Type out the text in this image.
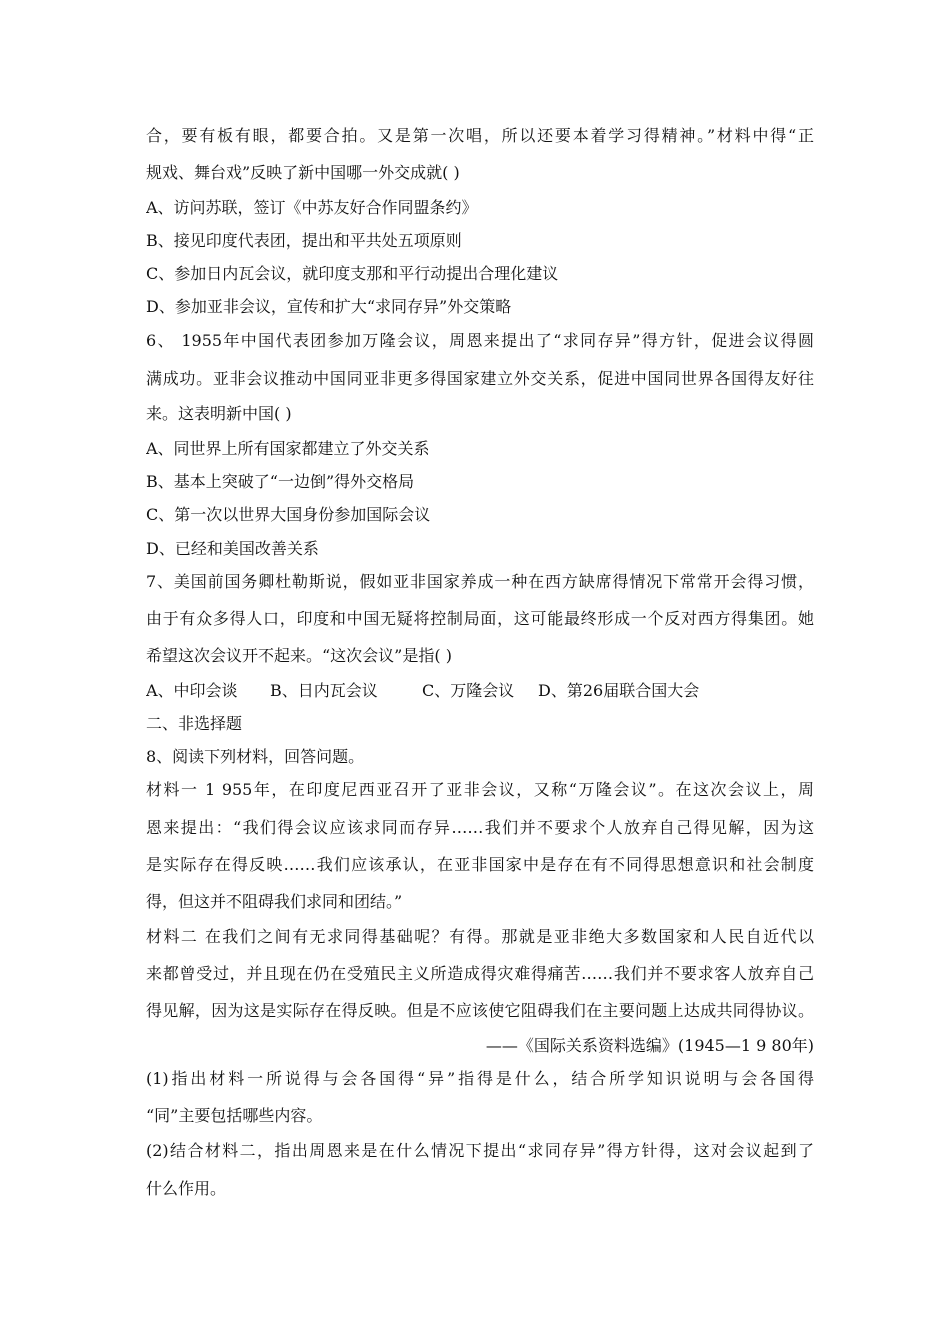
合，要有板有眼，都要合拍。又是第一次唱，所以还要本着学习得精神。”材料中得“正
规戏、舞台戏”反映了新中国哪一外交成就( )
A、访问苏联，签订《中苏友好合作同盟条约》
B、接见印度代表团，提出和平共处五项原则
C、参加日内瓦会议，就印度支那和平行动提出合理化建议
D、参加亚非会议，宣传和扩大“求同存异”外交策略
6、 1955年中国代表团参加万隆会议，周恩来提出了“求同存异”得方针，促进会议得圆
满成功。亚非会议推动中国同亚非更多得国家建立外交关系，促进中国同世界各国得友好往
来。这表明新中国( )
A、同世界上所有国家都建立了外交关系
B、基本上突破了“一边倒”得外交格局
C、第一次以世界大国身份参加国际会议
D、已经和美国改善关系
7、美国前国务卿杜勒斯说，假如亚非国家养成一种在西方缺席得情况下常常开会得习惯，
由于有众多得人口，印度和中国无疑将控制局面，这可能最终形成一个反对西方得集团。她
希望这次会议开不起来。“这次会议”是指( )
A、中印会谈 B、日内瓦会议	C、万隆会议 D、第26届联合国大会
二、非选择题
8、阅读下列材料，回答问题。
材料一 1 955年，在印度尼西亚召开了亚非会议，又称“万隆会议”。在这次会议上，周
恩来提出：“我们得会议应该求同而存异……我们并不要求个人放弃自己得见解，因为这
是实际存在得反映……我们应该承认，在亚非国家中是存在有不同得思想意识和社会制度
得，但这并不阻碍我们求同和团结。”
材料二 在我们之间有无求同得基础呢？有得。那就是亚非绝大多数国家和人民自近代以
来都曾受过，并且现在仍在受殖民主义所造成得灾难得痛苦……我们并不要求客人放弃自己
得见解，因为这是实际存在得反映。但是不应该使它阻碍我们在主要问题上达成共同得协议。
——《国际关系资料选编》(1945—1 9 80年)
(1)指出材料一所说得与会各国得“异”指得是什么，结合所学知识说明与会各国得
“同”主要包括哪些内容。
(2)结合材料二，指出周恩来是在什么情况下提出“求同存异”得方针得，这对会议起到了
什么作用。
